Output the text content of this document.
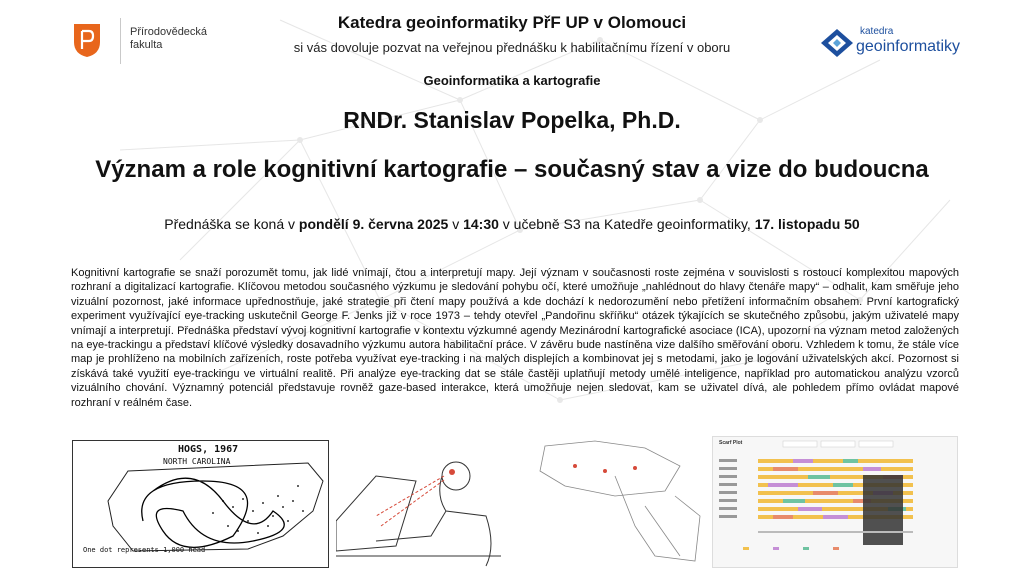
Přírodovědecká
fakulta
Katedra geoinformatiky PřF UP v Olomouci
si vás dovoluje pozvat na veřejnou přednášku k habilitačnímu řízení v oboru
katedra
geoinformatiky
Geoinformatika a kartografie
RNDr. Stanislav Popelka, Ph.D.
Význam a role kognitivní kartografie – současný stav a vize do budoucna
Přednáška se koná v pondělí 9. června 2025 v 14:30 v učebně S3 na Katedře geoinformatiky, 17. listopadu 50

Kognitivní kartografie se snaží porozumět tomu, jak lidé vnímají, čtou a interpretují mapy. Její význam v současnosti roste zejména v souvislosti s rostoucí komplexitou mapových rozhraní a digitalizací kartografie. Klíčovou metodou současného výzkumu je sledování pohybu očí, které umožňuje „nahlédnout do hlavy čtenáře mapy“ – odhalit, kam směřuje jeho vizuální pozornost, jaké informace upřednostňuje, jaké strategie při čtení mapy používá a kde dochází k nedorozumění nebo přetížení informačním obsahem. První kartografický experiment využívající eye-tracking uskutečnil George F. Jenks již v roce 1973 – tehdy otevřel „Pandořinu skříňku“ otázek týkajících se skutečného způsobu, jakým uživatelé mapy vnímají a interpretují. Přednáška představí vývoj kognitivní kartografie v kontextu výzkumné agendy Mezinárodní kartografické asociace (ICA), upozorní na význam metod založených na eye-trackingu a představí klíčové výsledky dosavadního výzkumu autora habilitační práce. V závěru bude nastíněna vize dalšího směřování oboru. Vzhledem k tomu, že stále více map je prohlíženo na mobilních zařízeních, roste potřeba využívat eye-tracking i na malých displejích a kombinovat jej s metodami, jako je logování uživatelských akcí. Pozornost si získává také využití eye-trackingu ve virtuální realitě. Při analýze eye-tracking dat se stále častěji uplatňují metody umělé inteligence, například pro automatickou analýzu vzorců vizuálního chování. Významný potenciál představuje rovněž gaze-based interakce, která umožňuje nejen sledovat, kam se uživatel dívá, ale pohledem přímo ovládat mapové rozhraní v reálném čase.

HOGS, 1967
NORTH CAROLINA
One dot represents 1,000 head
Scarf Plot
